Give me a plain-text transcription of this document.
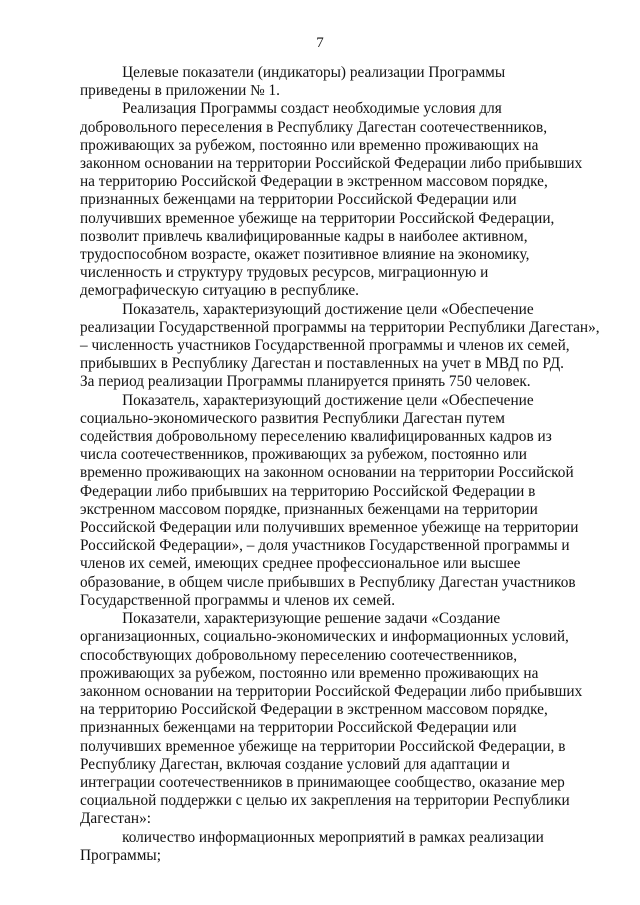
7

Целевые показатели (индикаторы) реализации Программы
приведены в приложении № 1.

Реализация Программы создаст необходимые условия для
добровольного переселения в Республику Дагестан соотечественников,
проживающих за рубежом, постоянно или временно проживающих на
законном основании на территории Российской Федерации либо прибывших
на территорию Российской Федерации в экстренном массовом порядке,
признанных беженцами на территории Российской Федерации или
получивших временное убежище на территории Российской Федерации,
позволит привлечь квалифицированные кадры в наиболее активном,
трудоспособном возрасте, окажет позитивное влияние на экономику,
численность и структуру трудовых ресурсов, миграционную и
демографическую ситуацию в республике.

Показатель, характеризующий достижение цели «Обеспечение
реализации Государственной программы на территории Республики Дагестан»,
– численность участников Государственной программы и членов их семей,
прибывших в Республику Дагестан и поставленных на учет в МВД по РД.
За период реализации Программы планируется принять 750 человек.

Показатель, характеризующий достижение цели «Обеспечение
социально-экономического развития Республики Дагестан путем
содействия добровольному переселению квалифицированных кадров из
числа соотечественников, проживающих за рубежом, постоянно или
временно проживающих на законном основании на территории Российской
Федерации либо прибывших на территорию Российской Федерации в
экстренном массовом порядке, признанных беженцами на территории
Российской Федерации или получивших временное убежище на территории
Российской Федерации», – доля участников Государственной программы и
членов их семей, имеющих среднее профессиональное или высшее
образование, в общем числе прибывших в Республику Дагестан участников
Государственной программы и членов их семей.

Показатели, характеризующие решение задачи «Создание
организационных, социально-экономических и информационных условий,
способствующих добровольному переселению соотечественников,
проживающих за рубежом, постоянно или временно проживающих на
законном основании на территории Российской Федерации либо прибывших
на территорию Российской Федерации в экстренном массовом порядке,
признанных беженцами на территории Российской Федерации или
получивших временное убежище на территории Российской Федерации, в
Республику Дагестан, включая создание условий для адаптации и
интеграции соотечественников в принимающее сообщество, оказание мер
социальной поддержки с целью их закрепления на территории Республики
Дагестан»:

количество информационных мероприятий в рамках реализации
Программы;
